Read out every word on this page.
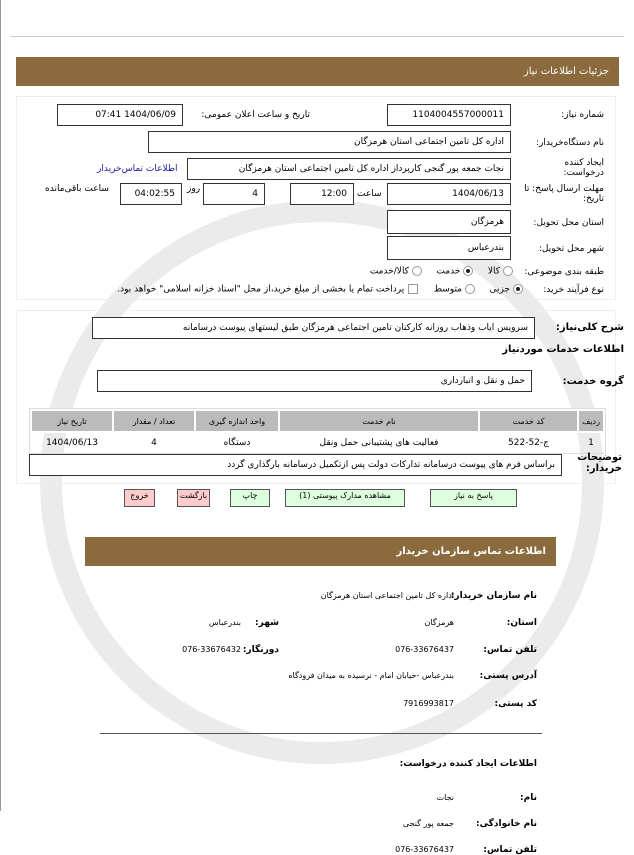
جزئیات اطلاعات نیاز
شماره نیاز:
1104004557000011
تاریخ و ساعت اعلان عمومی:
1404/06/09 07:41
نام دستگاه‌خریدار:
اداره کل تامین اجتماعی استان هرمزگان
ایجاد کننده درخواست:
نجات جمعه پور گنجی کارپرداز اداره کل تامین اجتماعی استان هرمزگان
اطلاعات تماس‌خریدار
مهلت ارسال پاسخ: تا تاریخ:
1404/06/13
ساعت
12:00
4
روز
04:02:55
ساعت باقی‌مانده
استان محل تحویل:
هرمزگان
شهر محل تحویل:
بندرعباس
طبقه بندی موضوعی:
کالا    خدمت    کالا/خدمت
نوع فرآیند خرید:
جزیی    متوسط    پرداخت تمام یا بخشی از مبلغ خرید،از محل "اسناد خزانه اسلامی" خواهد بود.
شرح کلی‌نیاز:
سرویس ایاب وذهاب روزانه کارکنان تامین اجتماعی هرمزگان طبق لیستهای پیوست درسامانه
اطلاعات خدمات موردنیاز
گروه خدمت:
حمل و نقل و انبارداری
ردیف	کد خدمت	نام خدمت	واحد اندازه گیری	تعداد / مقدار	تاریخ نیاز
1	ج-52-522	فعالیت های پشتیبانی حمل ونقل	دستگاه	4	1404/06/13
توضیحات خریدار:
براساس فرم های پیوست درسامانه تدارکات دولت پس ازتکمیل درسامانه بارگذاری گردد
پاسخ به نیاز
مشاهده مدارک پیوستی (1)
چاپ
بازگشت
خروج
اطلاعات تماس سازمان خریدار
نام سازمان خریدار:
اداره کل تامین اجتماعی استان هرمزگان
استان:
هرمزگان
شهر:
بندرعباس
تلفن تماس:
076-33676437
دورنگار:
076-33676432
آدرس پستی:
بندرعباس -خیابان امام - نرسیده به میدان فرودگاه
کد پستی:
7916993817
اطلاعات ایجاد کننده درخواست:
نام:
نجات
نام خانوادگی:
جمعه پور گنجی
تلفن تماس:
076-33676437
